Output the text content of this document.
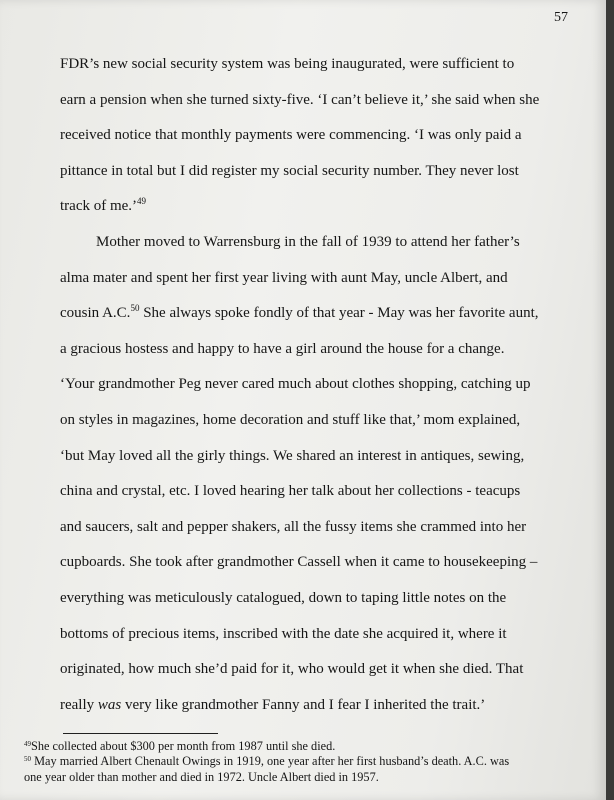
57

FDR’s new social security system was being inaugurated, were sufficient to
earn a pension when she turned sixty-five. ‘I can’t believe it,’ she said when she
received notice that monthly payments were commencing. ‘I was only paid a
pittance in total but I did register my social security number. They never lost
track of me.’$^{49}$

Mother moved to Warrensburg in the fall of 1939 to attend her father’s
alma mater and spent her first year living with aunt May, uncle Albert, and
cousin A.C.$^{50}$ She always spoke fondly of that year - May was her favorite aunt,
a gracious hostess and happy to have a girl around the house for a change.
‘Your grandmother Peg never cared much about clothes shopping, catching up
on styles in magazines, home decoration and stuff like that,’ mom explained,
‘but May loved all the girly things. We shared an interest in antiques, sewing,
china and crystal, etc. I loved hearing her talk about her collections - teacups
and saucers, salt and pepper shakers, all the fussy items she crammed into her
cupboards. She took after grandmother Cassell when it came to housekeeping –
everything was meticulously catalogued, down to taping little notes on the
bottoms of precious items, inscribed with the date she acquired it, where it
originated, how much she’d paid for it, who would get it when she died. That
really was very like grandmother Fanny and I fear I inherited the trait.’

$^{49}$She collected about $300 per month from 1987 until she died.

$^{50}$ May married Albert Chenault Owings in 1919, one year after her first husband’s death. A.C. was
one year older than mother and died in 1972. Uncle Albert died in 1957.
